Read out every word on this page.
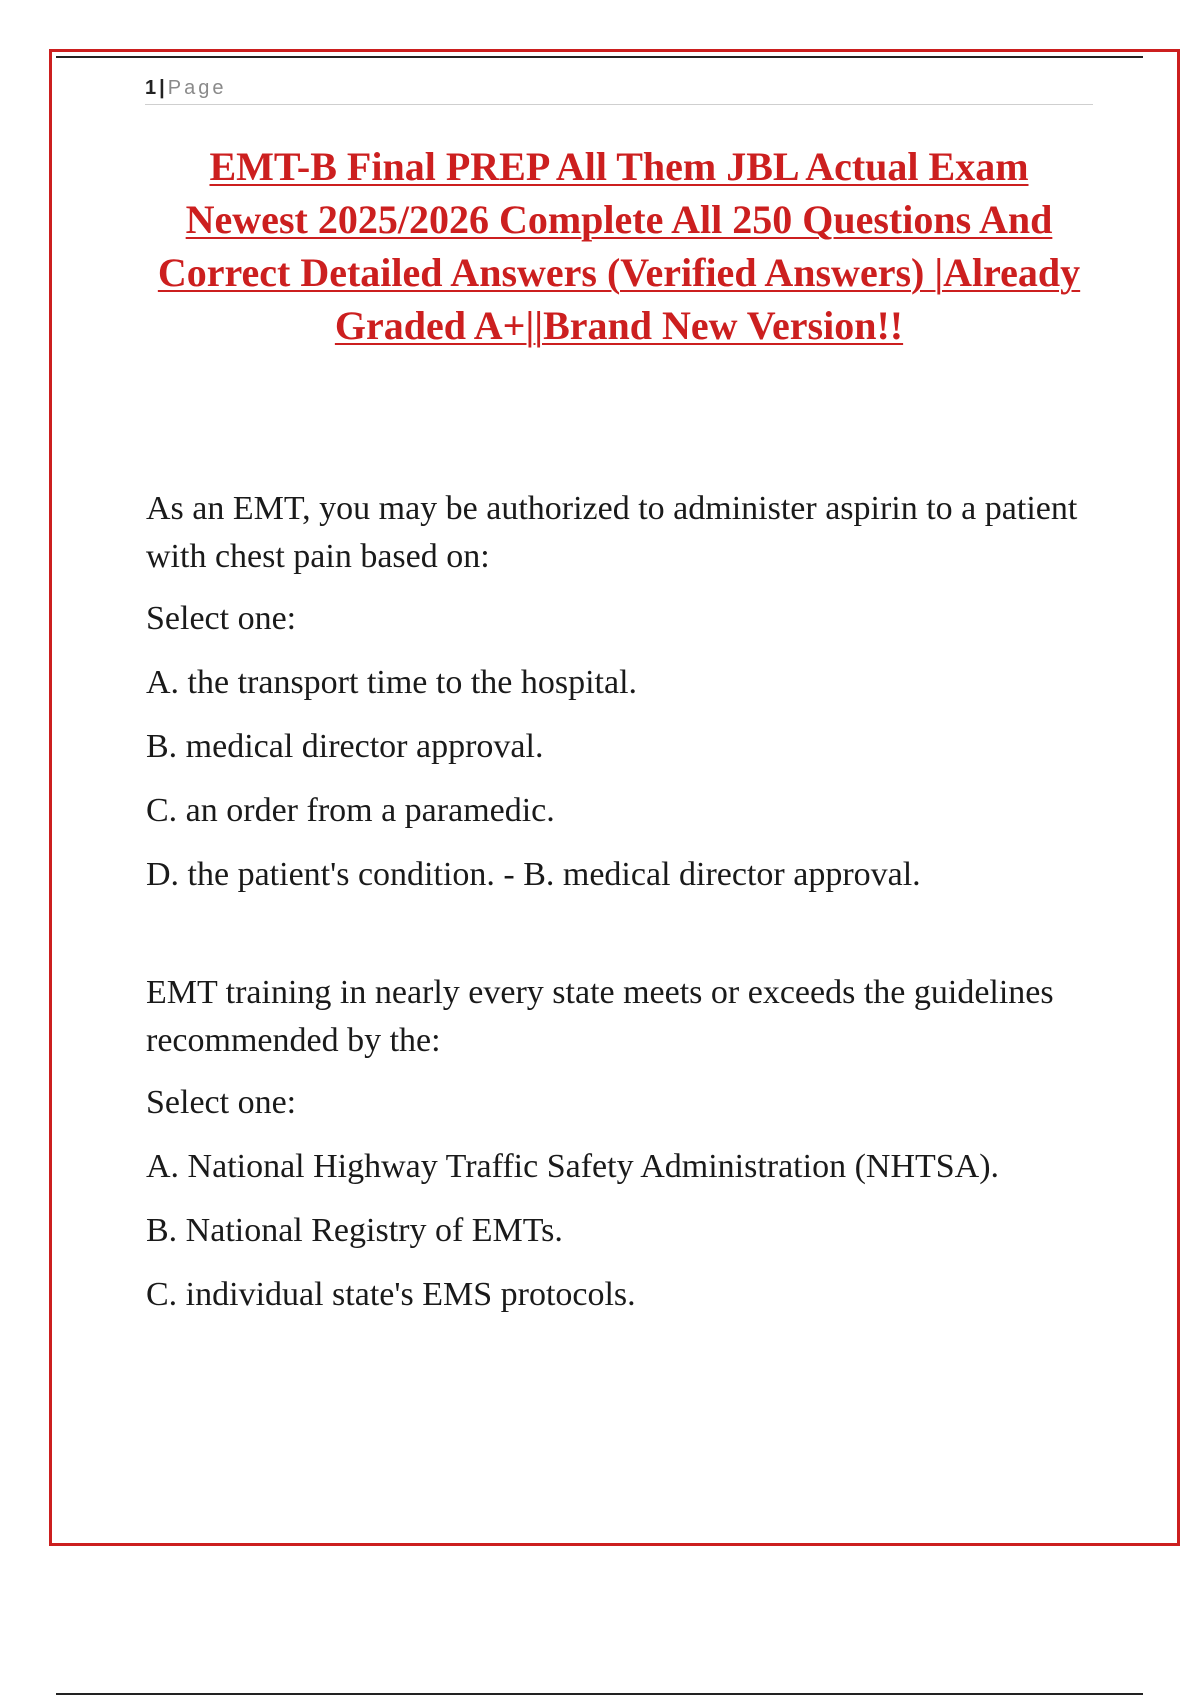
1 | Page
EMT-B Final PREP All Them JBL Actual Exam Newest 2025/2026 Complete All 250 Questions And Correct Detailed Answers (Verified Answers) |Already Graded A+||Brand New Version!!
As an EMT, you may be authorized to administer aspirin to a patient with chest pain based on:
Select one:
A. the transport time to the hospital.
B. medical director approval.
C. an order from a paramedic.
D. the patient's condition. - B. medical director approval.
EMT training in nearly every state meets or exceeds the guidelines recommended by the:
Select one:
A. National Highway Traffic Safety Administration (NHTSA).
B. National Registry of EMTs.
C. individual state's EMS protocols.
